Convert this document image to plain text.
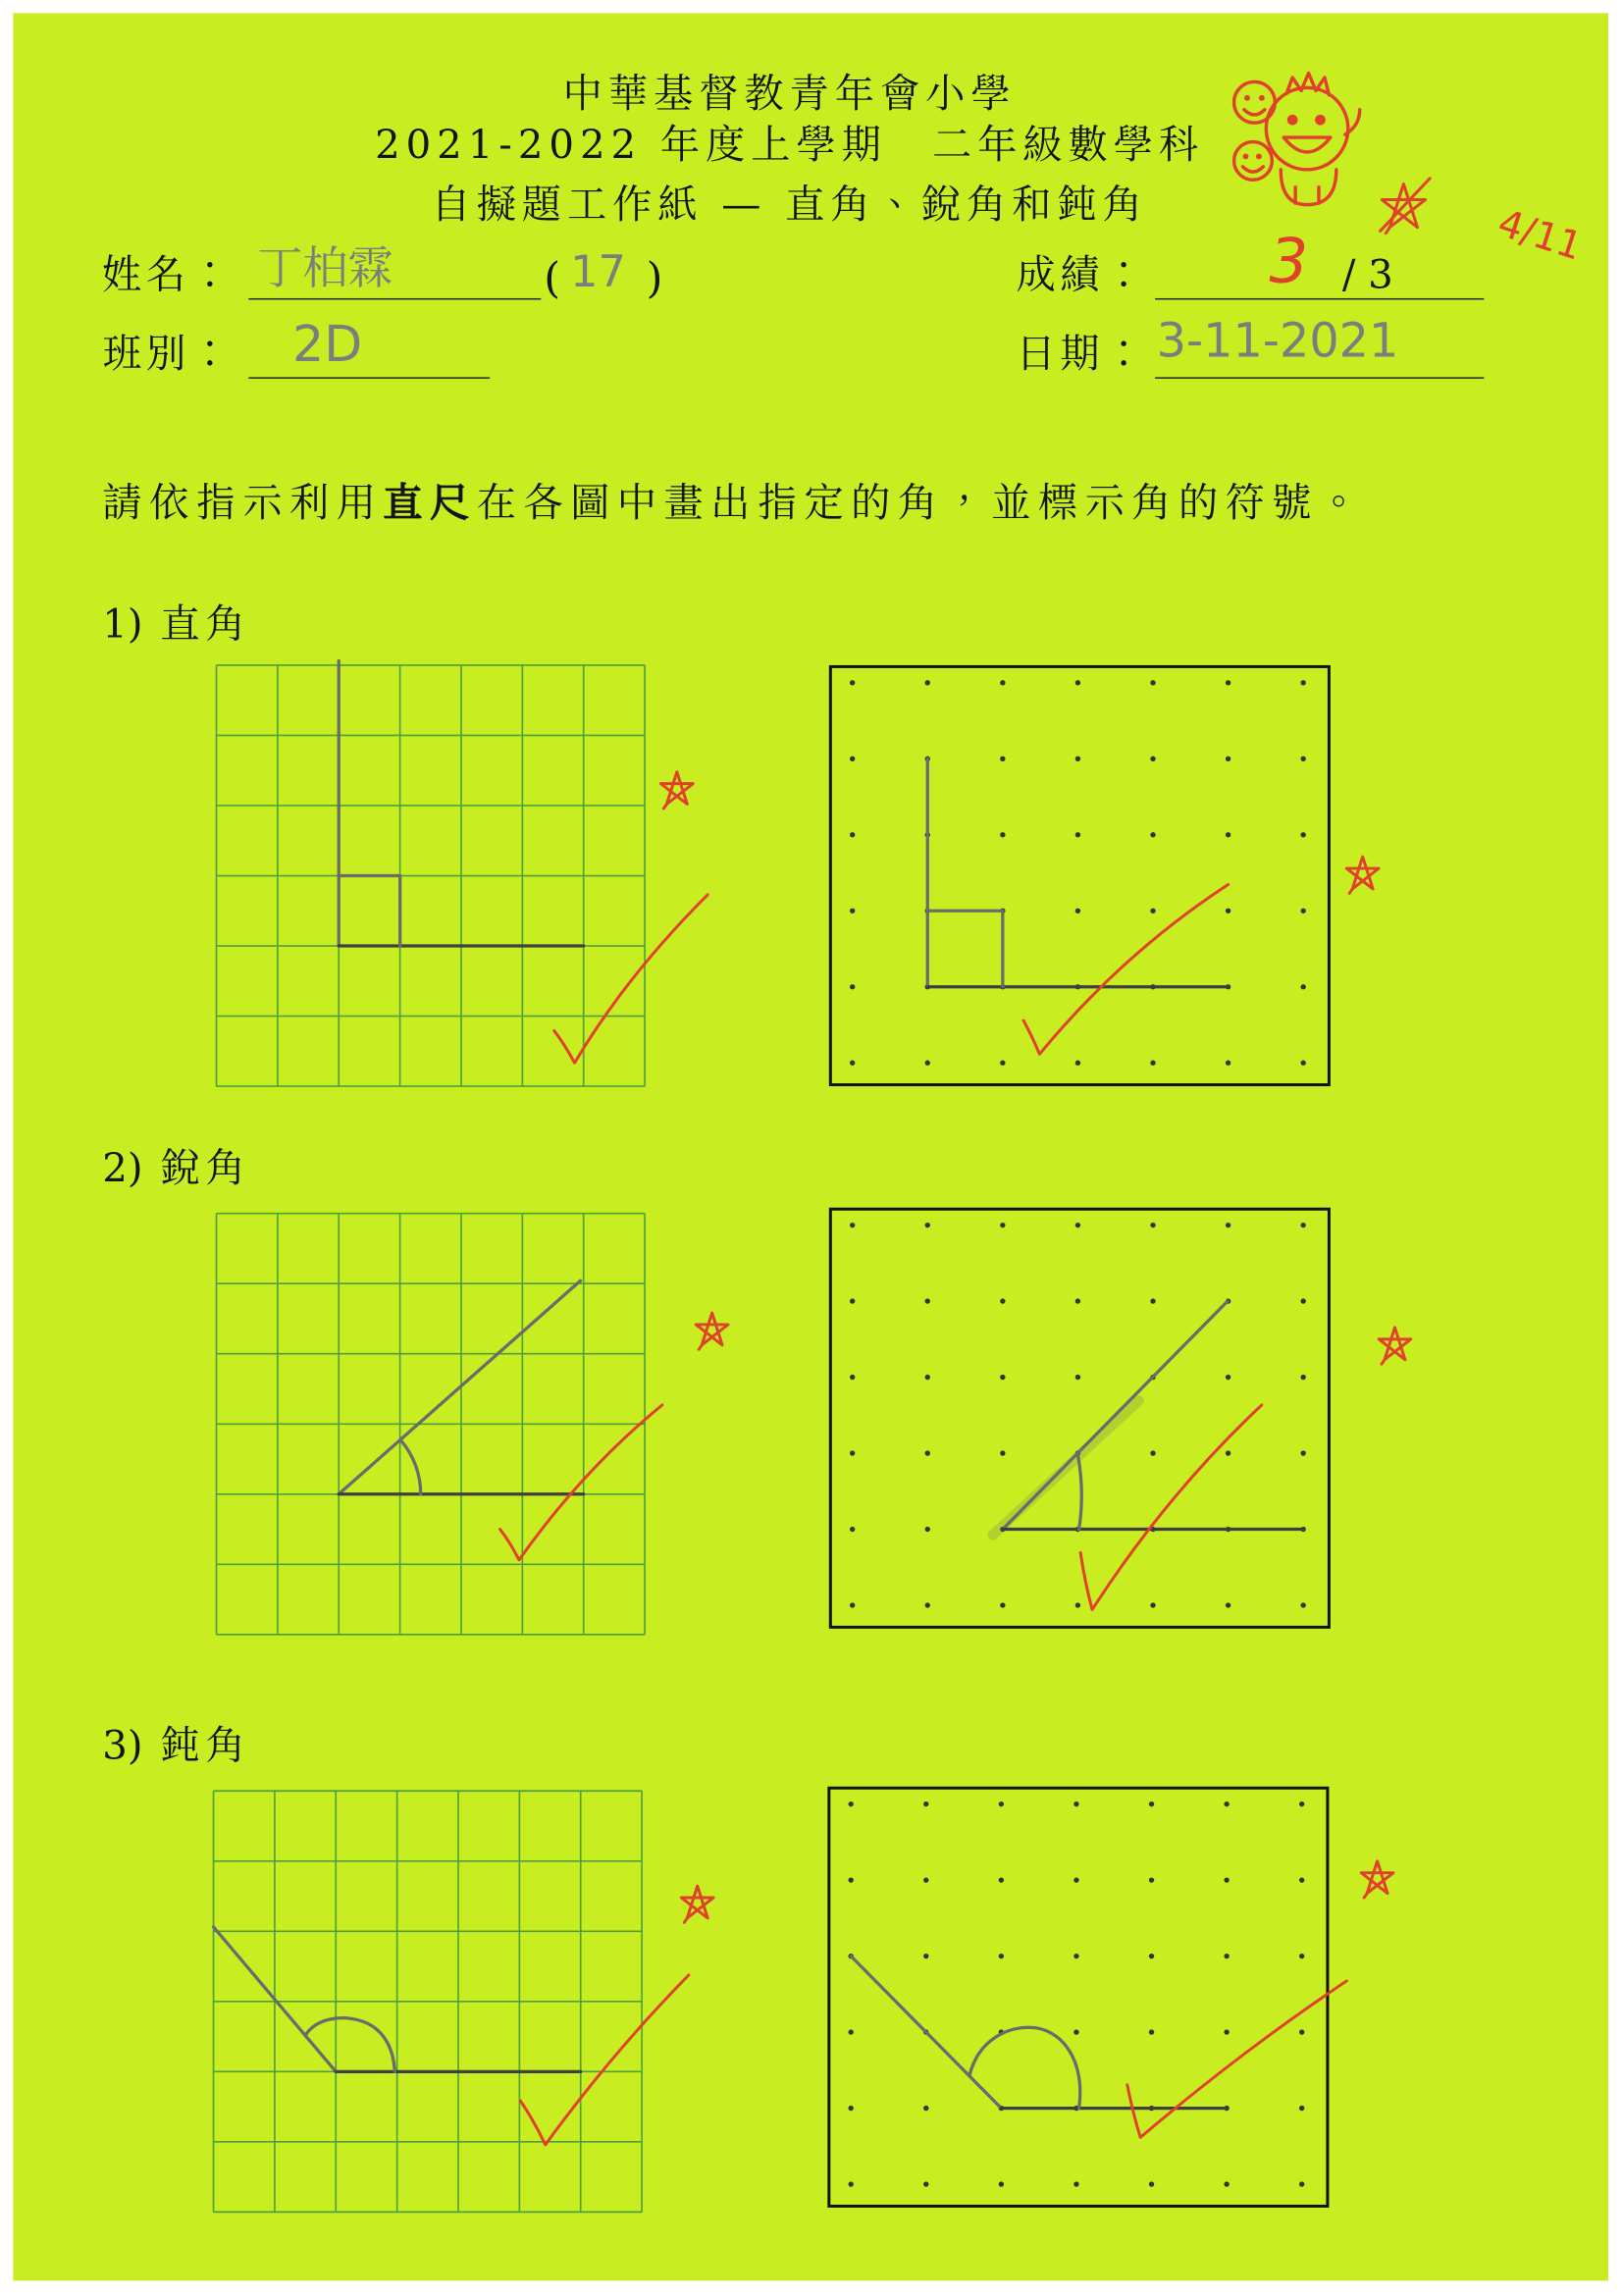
中華基督教青年會小學
2021-2022 年度上學期　二年級數學科
自擬題工作紙 — 直角、銳角和鈍角
姓名： 丁柏霖	( 17 )	成績：	3 / 3
班別： 2D	日期： 3-11-2021
4/11
請依指示利用直尺在各圖中畫出指定的角，並標示角的符號。
1) 直角
2) 銳角
3) 鈍角
